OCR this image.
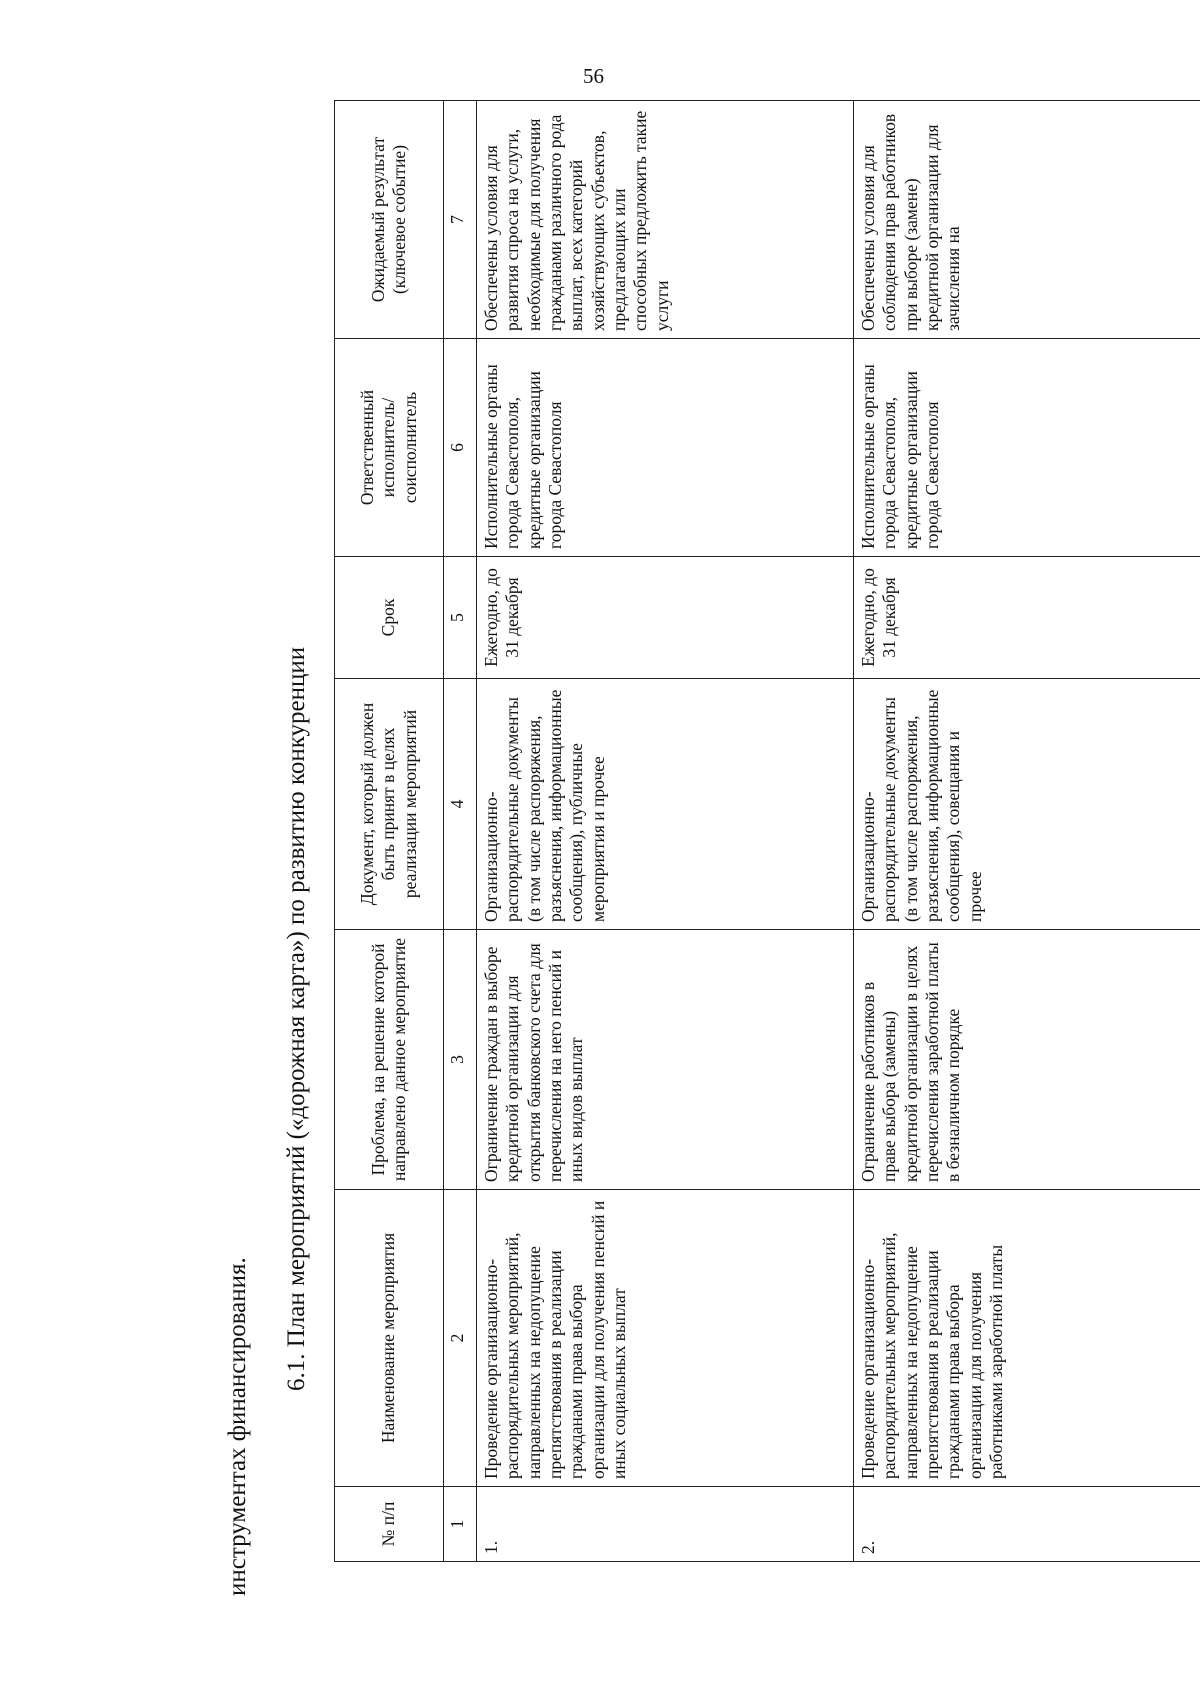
56
инструментах финансирования.
6.1. План мероприятий («дорожная карта») по развитию конкуренции
№ п/п	Наименование мероприятия	Проблема, на решение которой направлено данное мероприятие	Документ, который должен быть принят в целях реализации мероприятий	Срок	Ответственный исполнитель/ соисполнитель	Ожидаемый результат (ключевое событие)
1	2	3	4	5	6	7
1.	Проведение организационно-распорядительных мероприятий, направленных на недопущение препятствования в реализации гражданами права выбора организации для получения пенсий и иных социальных выплат	Ограничение граждан в выборе кредитной организации для открытия банковского счета для перечисления на него пенсий и иных видов выплат	Организационно-распорядительные документы (в том числе распоряжения, разъяснения, информационные сообщения), публичные мероприятия и прочее	Ежегодно, до 31 декабря	Исполнительные органы города Севастополя, кредитные организации города Севастополя	Обеспечены условия для развития спроса на услуги, необходимые для получения гражданами различного рода выплат, всех категорий хозяйствующих субъектов, предлагающих или способных предложить такие услуги
2.	Проведение организационно-распорядительных мероприятий, направленных на недопущение препятствования в реализации гражданами права выбора организации для получения работниками заработной платы	Ограничение работников в праве выбора (замены) кредитной организации в целях перечисления заработной платы в безналичном порядке	Организационно-распорядительные документы (в том числе распоряжения, разъяснения, информационные сообщения), совещания и прочее	Ежегодно, до 31 декабря	Исполнительные органы города Севастополя, кредитные организации города Севастополя	Обеспечены условия для соблюдения прав работников при выборе (замене) кредитной организации для зачисления на
